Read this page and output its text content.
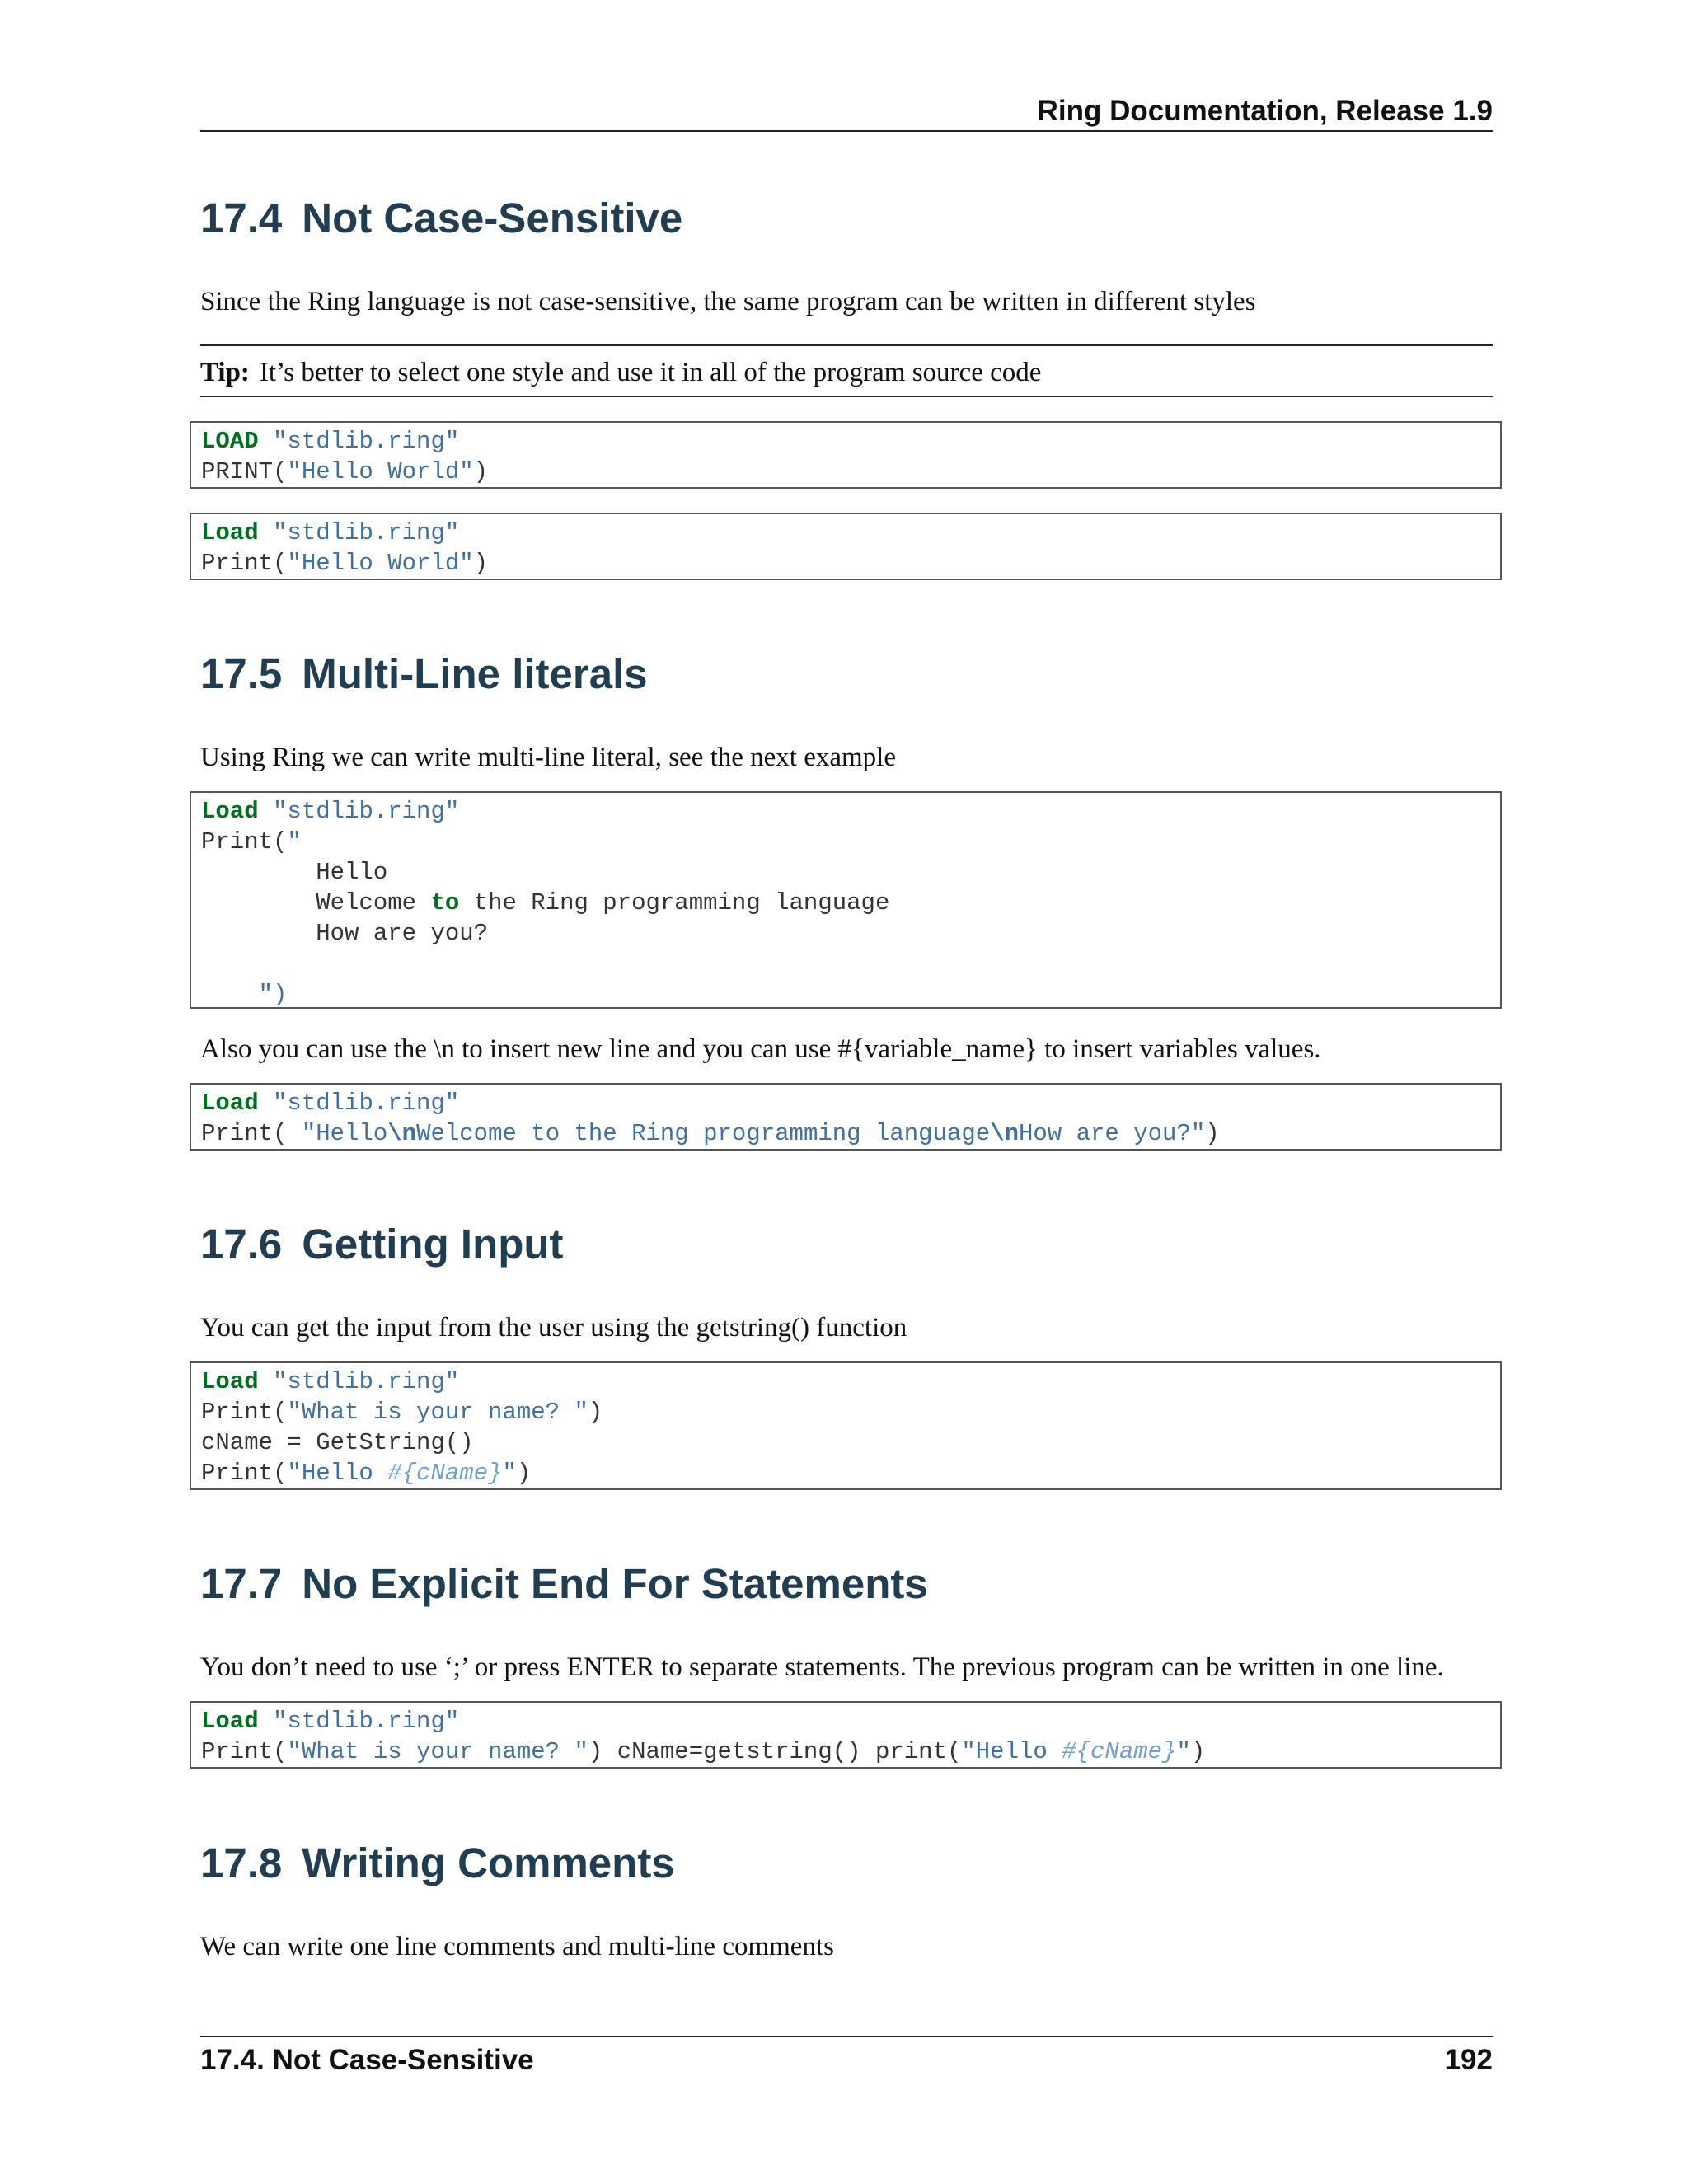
Ring Documentation, Release 1.9
17.4 Not Case-Sensitive

Since the Ring language is not case-sensitive, the same program can be written in different styles

Tip: It’s better to select one style and use it in all of the program source code
LOAD "stdlib.ring"
PRINT("Hello World")
Load "stdlib.ring"
Print("Hello World")
17.5 Multi-Line literals

Using Ring we can write multi-line literal, see the next example

Load "stdlib.ring"
Print("
Hello
Welcome to the Ring programming language
How are you?

")

Also you can use the \n to insert new line and you can use #{variable_name} to insert variables values.

Load "stdlib.ring"
Print( "Hello\nWelcome to the Ring programming language\nHow are you?")
17.6 Getting Input

You can get the input from the user using the getstring() function

Load "stdlib.ring"
Print("What is your name? ")
cName = GetString()
Print("Hello #{cName}")
17.7 No Explicit End For Statements

You don’t need to use ‘;’ or press ENTER to separate statements. The previous program can be written in one line.

Load "stdlib.ring"
Print("What is your name? ") cName=getstring() print("Hello #{cName}")
17.8 Writing Comments

We can write one line comments and multi-line comments

17.4. Not Case-Sensitive	192
